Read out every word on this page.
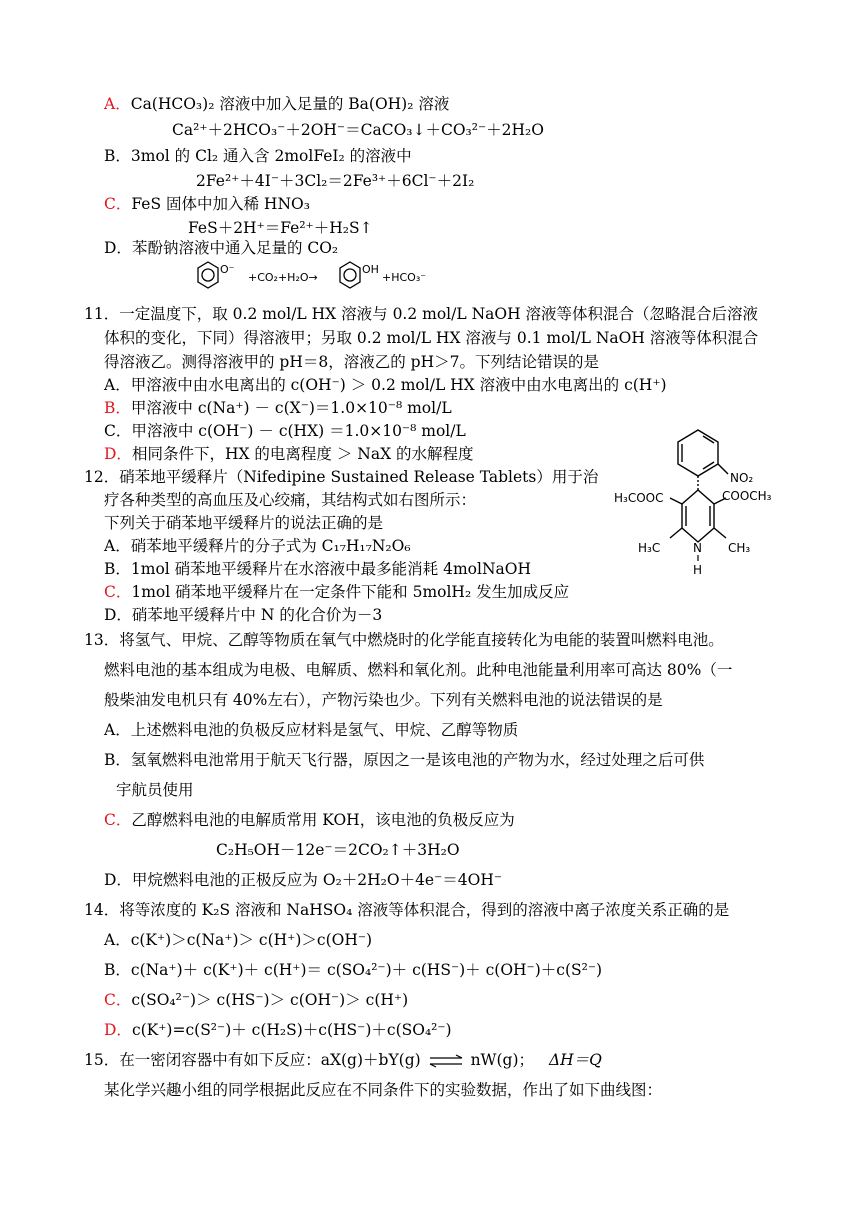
A．Ca(HCO₃)₂ 溶液中加入足量的 Ba(OH)₂ 溶液
Ca²⁺＋2HCO₃⁻＋2OH⁻＝CaCO₃↓＋CO₃²⁻＋2H₂O
B．3mol 的 Cl₂ 通入含 2molFeI₂ 的溶液中
2Fe²⁺＋4I⁻＋3Cl₂＝2Fe³⁺＋6Cl⁻＋2I₂
C．FeS 固体中加入稀 HNO₃
FeS＋2H⁺＝Fe²⁺＋H₂S↑
D．苯酚钠溶液中通入足量的 CO₂
O⁻
+CO₂+H₂O→
OH
+HCO₃⁻
11．一定温度下，取 0.2 mol/L HX 溶液与 0.2 mol/L NaOH 溶液等体积混合（忽略混合后溶液
体积的变化，下同）得溶液甲；另取 0.2 mol/L HX 溶液与 0.1 mol/L NaOH 溶液等体积混合
得溶液乙。测得溶液甲的 pH＝8，溶液乙的 pH＞7。下列结论错误的是
A．甲溶液中由水电离出的 c(OH⁻) ＞ 0.2 mol/L HX 溶液中由水电离出的 c(H⁺)
B．甲溶液中 c(Na⁺) － c(X⁻)＝1.0×10⁻⁸ mol/L
C．甲溶液中 c(OH⁻) － c(HX) ＝1.0×10⁻⁸ mol/L
D．相同条件下，HX 的电离程度 ＞ NaX 的水解程度
12．硝苯地平缓释片（Nifedipine Sustained Release Tablets）用于治
疗各种类型的高血压及心绞痛，其结构式如右图所示：
下列关于硝苯地平缓释片的说法正确的是
A．硝苯地平缓释片的分子式为 C₁₇H₁₇N₂O₆
B．1mol 硝苯地平缓释片在水溶液中最多能消耗 4molNaOH
C．1mol 硝苯地平缓释片在一定条件下能和 5molH₂ 发生加成反应
D．硝苯地平缓释片中 N 的化合价为－3
NO₂
H₃COOC	COOCH₃
H₃C	CH₃
N
H
13．将氢气、甲烷、乙醇等物质在氧气中燃烧时的化学能直接转化为电能的装置叫燃料电池。
燃料电池的基本组成为电极、电解质、燃料和氧化剂。此种电池能量利用率可高达 80%（一
般柴油发电机只有 40%左右），产物污染也少。下列有关燃料电池的说法错误的是
A．上述燃料电池的负极反应材料是氢气、甲烷、乙醇等物质
B．氢氧燃料电池常用于航天飞行器，原因之一是该电池的产物为水，经过处理之后可供
宇航员使用
C．乙醇燃料电池的电解质常用 KOH，该电池的负极反应为
C₂H₅OH－12e⁻＝2CO₂↑＋3H₂O
D．甲烷燃料电池的正极反应为 O₂＋2H₂O＋4e⁻＝4OH⁻
14．将等浓度的 K₂S 溶液和 NaHSO₄ 溶液等体积混合，得到的溶液中离子浓度关系正确的是
A．c(K⁺)＞c(Na⁺)＞ c(H⁺)＞c(OH⁻)
B．c(Na⁺)＋ c(K⁺)＋ c(H⁺)＝ c(SO₄²⁻)＋ c(HS⁻)＋ c(OH⁻)＋c(S²⁻)
C．c(SO₄²⁻)＞ c(HS⁻)＞ c(OH⁻)＞ c(H⁺)
D．c(K⁺)=c(S²⁻)＋ c(H₂S)＋c(HS⁻)＋c(SO₄²⁻)
15．在一密闭容器中有如下反应：aX(g)＋bY(g) ⇌ nW(g)； ΔH＝Q
某化学兴趣小组的同学根据此反应在不同条件下的实验数据，作出了如下曲线图：
